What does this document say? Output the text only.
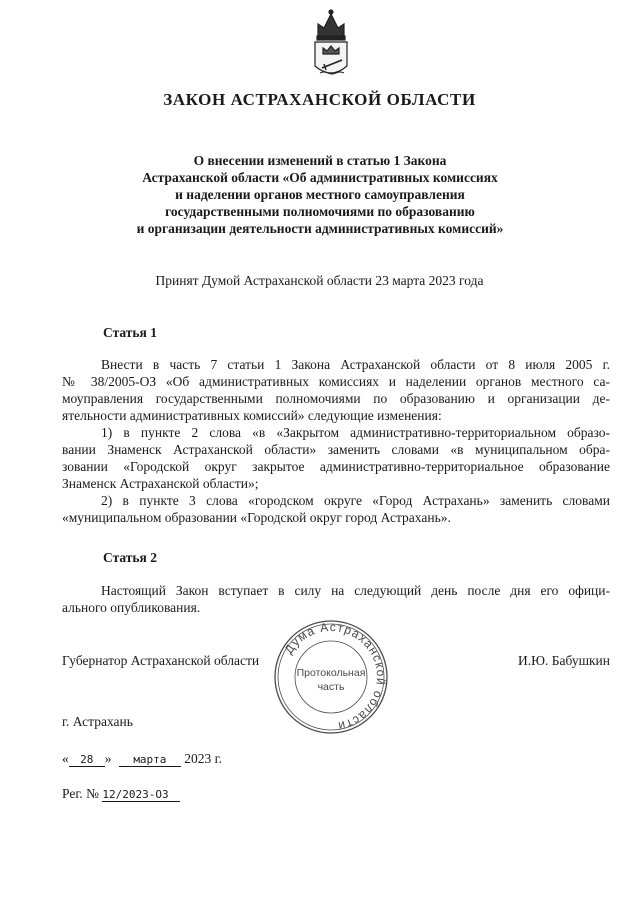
ЗАКОН АСТРАХАНСКОЙ ОБЛАСТИ

О внесении изменений в статью 1 Закона
Астраханской области «Об административных комиссиях
и наделении органов местного самоуправления
государственными полномочиями по образованию
и организации деятельности административных комиссий»

Принят Думой Астраханской области 23 марта 2023 года
Статья 1

Внести в часть 7 статьи 1 Закона Астраханской области от 8 июля 2005 г.
№ 38/2005-ОЗ «Об административных комиссиях и наделении органов местного са-
моуправления государственными полномочиями по образованию и организации де-
ятельности административных комиссий» следующие изменения:

1) в пункте 2 слова «в «Закрытом административно-территориальном образо-
вании Знаменск Астраханской области» заменить словами «в муниципальном обра-
зовании «Городской округ закрытое административно-территориальное образование
Знаменск Астраханской области»;

2) в пункте 3 слова «городском округе «Город Астрахань» заменить словами
«муниципальном образовании «Городской округ город Астрахань».

Статья 2

Настоящий Закон вступает в силу на следующий день после дня его офици-
ального опубликования.

Губернатор Астраханской области	И.Ю. Бабушкин
Дума Астраханской области
Протокольная
часть
г. Астрахань
« 28 » марта 2023 г.
Рег. № 12/2023-ОЗ
